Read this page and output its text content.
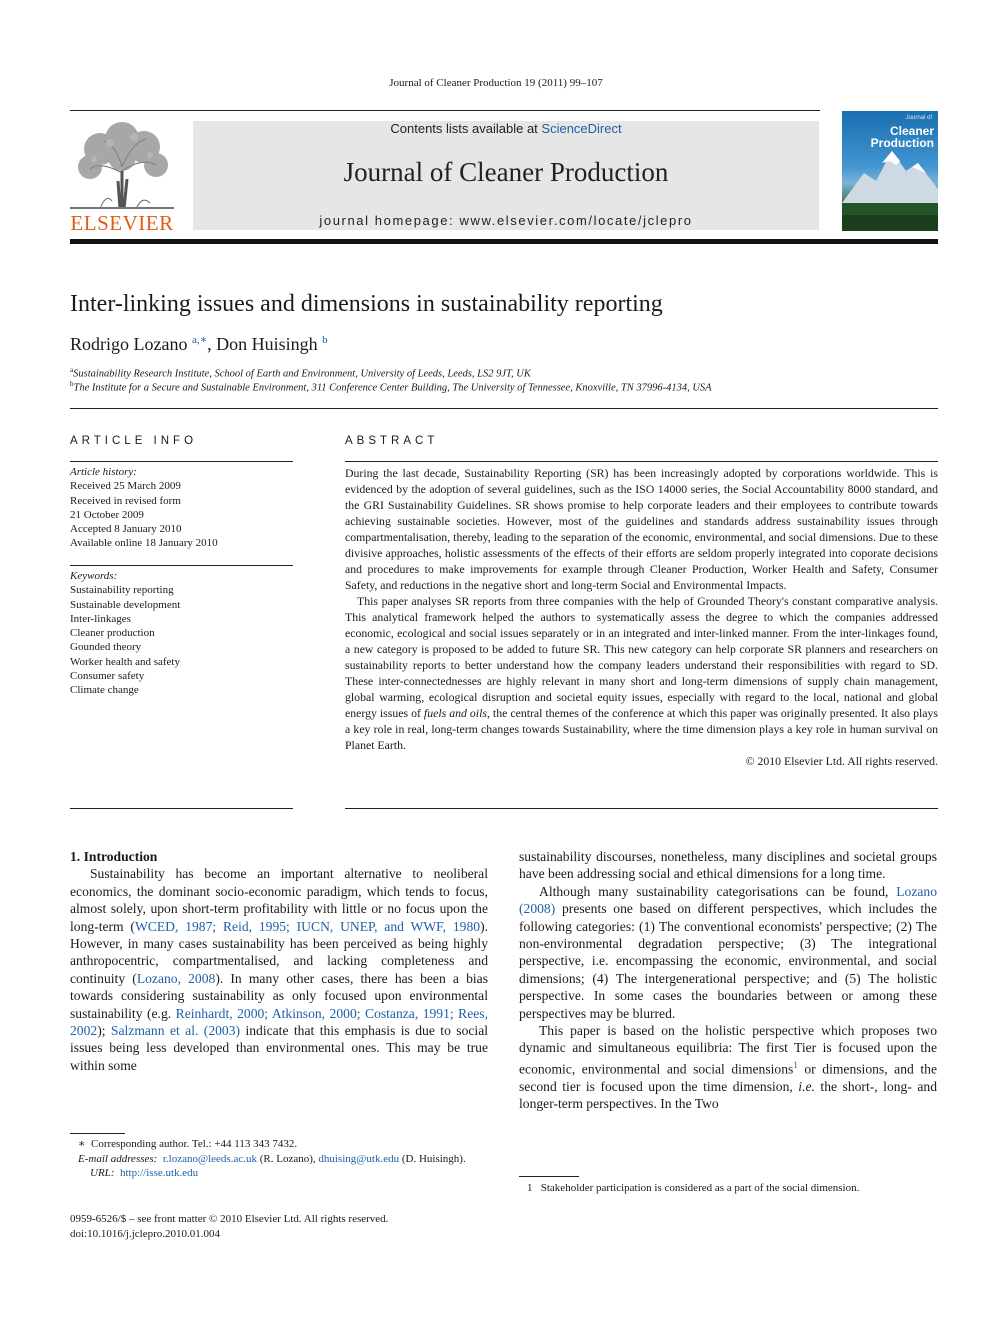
Journal of Cleaner Production 19 (2011) 99–107
ELSEVIER
Contents lists available at ScienceDirect
Journal of Cleaner Production
journal homepage: www.elsevier.com/locate/jclepro
Journal of
Cleaner
Production
Inter-linking issues and dimensions in sustainability reporting
Rodrigo Lozano $^{a,∗}$, Don Huisingh $^b$
$^a$Sustainability Research Institute, School of Earth and Environment, University of Leeds, Leeds, LS2 9JT, UK
$^b$The Institute for a Secure and Sustainable Environment, 311 Conference Center Building, The University of Tennessee, Knoxville, TN 37996-4134, USA
ARTICLE INFO
Article history:
Received 25 March 2009
Received in revised form
21 October 2009
Accepted 8 January 2010
Available online 18 January 2010
Keywords:
Sustainability reporting
Sustainable development
Inter-linkages
Cleaner production
Gounded theory
Worker health and safety
Consumer safety
Climate change
ABSTRACT

During the last decade, Sustainability Reporting (SR) has been increasingly adopted by corporations worldwide. This is evidenced by the adoption of several guidelines, such as the ISO 14000 series, the Social Accountability 8000 standard, and the GRI Sustainability Guidelines. SR shows promise to help corporate leaders and their employees to contribute towards achieving sustainable societies. However, most of the guidelines and standards address sustainability issues through compartmentalisation, thereby, leading to the separation of the economic, environmental, and social dimensions. Due to these divisive approaches, holistic assessments of the effects of their efforts are seldom properly integrated into coporate decisions and procedures to make improvements for example through Cleaner Production, Worker Health and Safety, Consumer Safety, and reductions in the negative short and long-term Social and Environmental Impacts.

This paper analyses SR reports from three companies with the help of Grounded Theory's constant comparative analysis. This analytical framework helped the authors to systematically assess the degree to which the companies addressed economic, ecological and social issues separately or in an integrated and inter-linked manner. From the inter-linkages found, a new category is proposed to be added to future SR. This new category can help corporate SR planners and researchers on sustainability reports to better understand how the company leaders understand their responsibilities with regard to SD. These inter-connectednesses are highly relevant in many short and long-term dimensions of supply chain management, global warming, ecological disruption and societal equity issues, especially with regard to the local, national and global energy issues of fuels and oils, the central themes of the conference at which this paper was originally presented. It also plays a key role in real, long-term changes towards Sustainability, where the time dimension plays a key role in human survival on Planet Earth.

© 2010 Elsevier Ltd. All rights reserved.

1. Introduction

Sustainability has become an important alternative to neoliberal economics, the dominant socio-economic paradigm, which tends to focus, almost solely, upon short-term profitability with little or no focus upon the long-term (WCED, 1987; Reid, 1995; IUCN, UNEP, and WWF, 1980). However, in many cases sustainability has been perceived as being highly anthropocentric, compartmentalised, and lacking completeness and continuity (Lozano, 2008). In many other cases, there has been a bias towards considering sustainability as only focused upon environmental sustainability (e.g. Reinhardt, 2000; Atkinson, 2000; Costanza, 1991; Rees, 2002); Salzmann et al. (2003) indicate that this emphasis is due to social issues being less developed than environmental ones. This may be true within some

sustainability discourses, nonetheless, many disciplines and societal groups have been addressing social and ethical dimensions for a long time.

Although many sustainability categorisations can be found, Lozano (2008) presents one based on different perspectives, which includes the following categories: (1) The conventional economists' perspective; (2) The non-environmental degradation perspective; (3) The integrational perspective, i.e. encompassing the economic, environmental, and social dimensions; (4) The intergenerational perspective; and (5) The holistic perspective. In some cases the boundaries between or among these perspectives may be blurred.

This paper is based on the holistic perspective which proposes two dynamic and simultaneous equilibria: The first Tier is focused upon the economic, environmental and social dimensions$^1$ or dimensions, and the second tier is focused upon the time dimension, i.e. the short-, long- and longer-term perspectives. In the Two

∗ Corresponding author. Tel.: +44 113 343 7432.
E-mail addresses: r.lozano@leeds.ac.uk (R. Lozano), dhuising@utk.edu (D. Huisingh).
URL: http://isse.utk.edu
0959-6526/$ – see front matter © 2010 Elsevier Ltd. All rights reserved.
doi:10.1016/j.jclepro.2010.01.004
1 Stakeholder participation is considered as a part of the social dimension.
